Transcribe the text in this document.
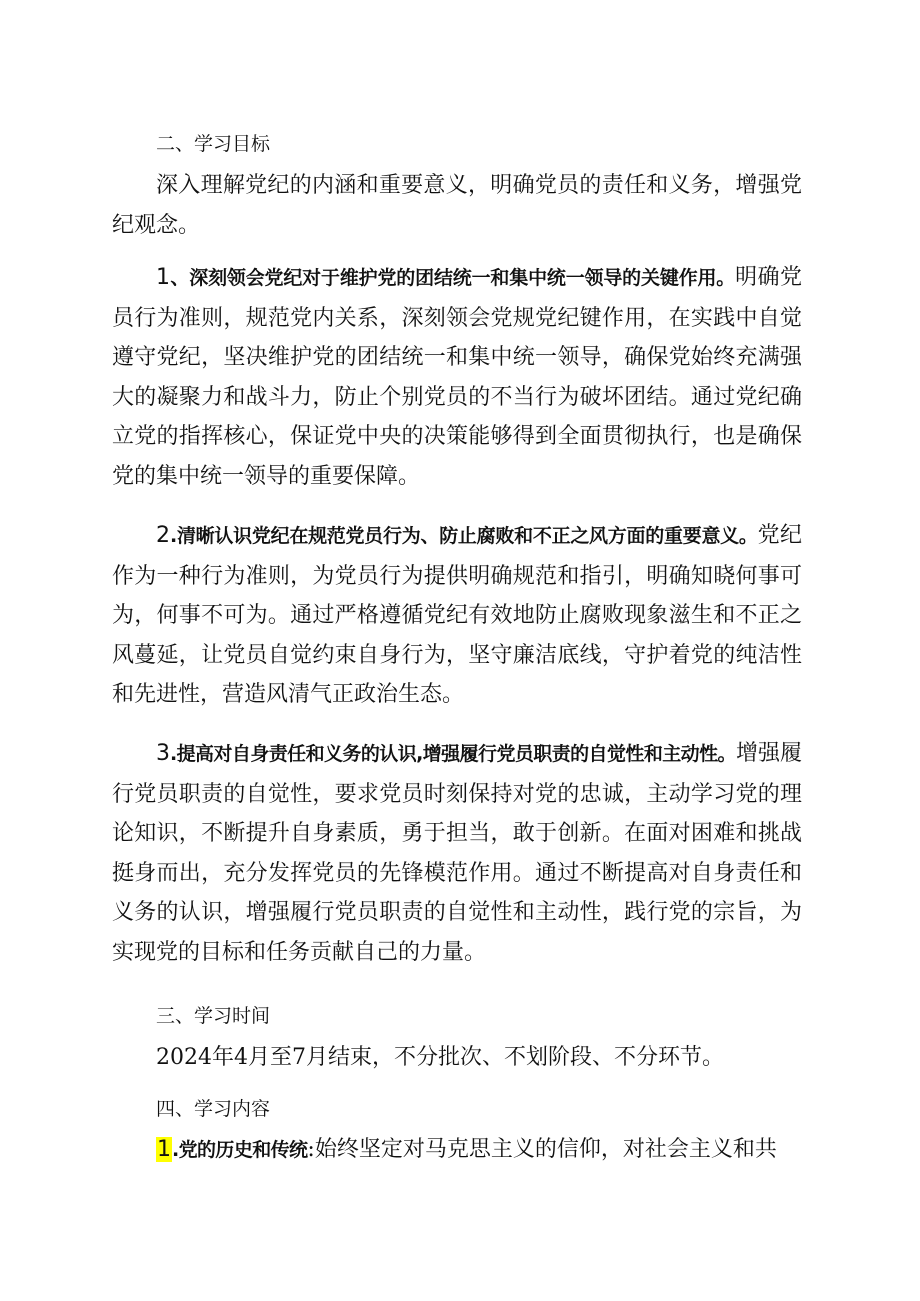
二、学习目标

深入理解党纪的内涵和重要意义，明确党员的责任和义务，增强党纪观念。

1、深刻领会党纪对于维护党的团结统一和集中统一领导的关键作用。明确党员行为准则，规范党内关系，深刻领会党规党纪键作用，在实践中自觉遵守党纪，坚决维护党的团结统一和集中统一领导，确保党始终充满强大的凝聚力和战斗力，防止个别党员的不当行为破坏团结。通过党纪确立党的指挥核心，保证党中央的决策能够得到全面贯彻执行，也是确保党的集中统一领导的重要保障。

2.清晰认识党纪在规范党员行为、防止腐败和不正之风方面的重要意义。党纪作为一种行为准则，为党员行为提供明确规范和指引，明确知晓何事可为，何事不可为。通过严格遵循党纪有效地防止腐败现象滋生和不正之风蔓延，让党员自觉约束自身行为，坚守廉洁底线，守护着党的纯洁性和先进性，营造风清气正政治生态。

3.提高对自身责任和义务的认识,增强履行党员职责的自觉性和主动性。增强履行党员职责的自觉性，要求党员时刻保持对党的忠诚，主动学习党的理论知识，不断提升自身素质，勇于担当，敢于创新。在面对困难和挑战挺身而出，充分发挥党员的先锋模范作用。通过不断提高对自身责任和义务的认识，增强履行党员职责的自觉性和主动性，践行党的宗旨，为实现党的目标和任务贡献自己的力量。

三、学习时间

2024年4月至7月结束，不分批次、不划阶段、不分环节。

四、学习内容

1.党的历史和传统:始终坚定对马克思主义的信仰，对社会主义和共
